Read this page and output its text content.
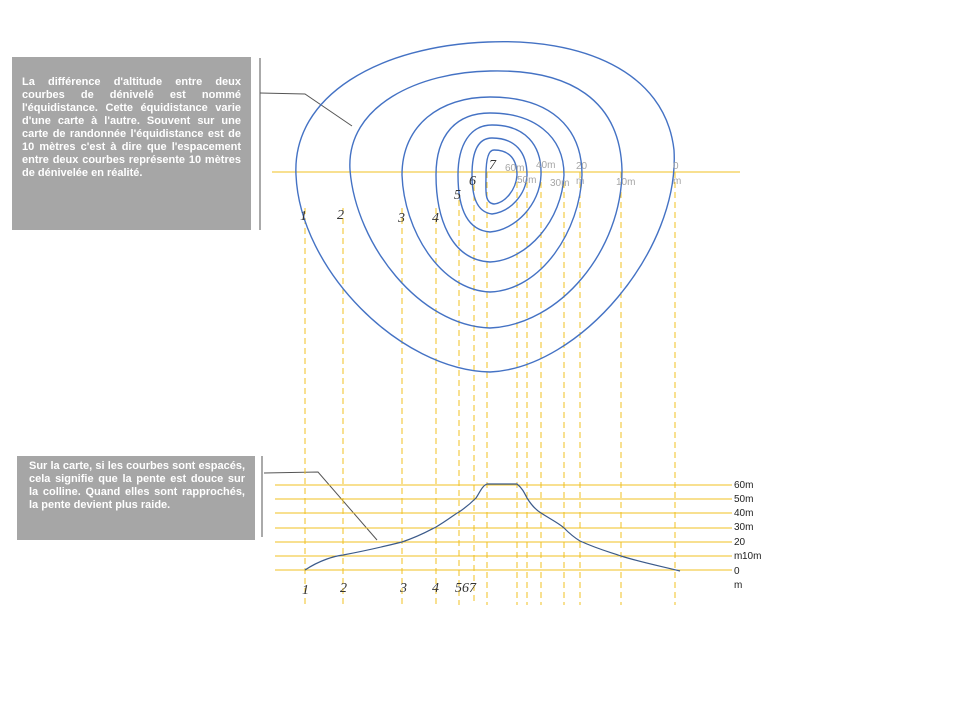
La différence d'altitude entre deux courbes de dénivelé est nommé l'équidistance. Cette équidistance varie d'une carte à l'autre. Souvent sur une carte de randonnée l'équidistance est de 10 mètres c'est à dire que l'espacement entre deux courbes représente 10 mètres de dénivelée en réalité.
Sur la carte, si les courbes sont espacés, cela signifie que la pente est douce sur la colline. Quand elles sont rapprochés, la pente devient plus raide.
1 2	3 4
5
6
7 60m
50m
40m
30m
20
m	10m
0
m
60m
50m
40m
30m
20
m 10m
0
m
1 2	3 4 567
